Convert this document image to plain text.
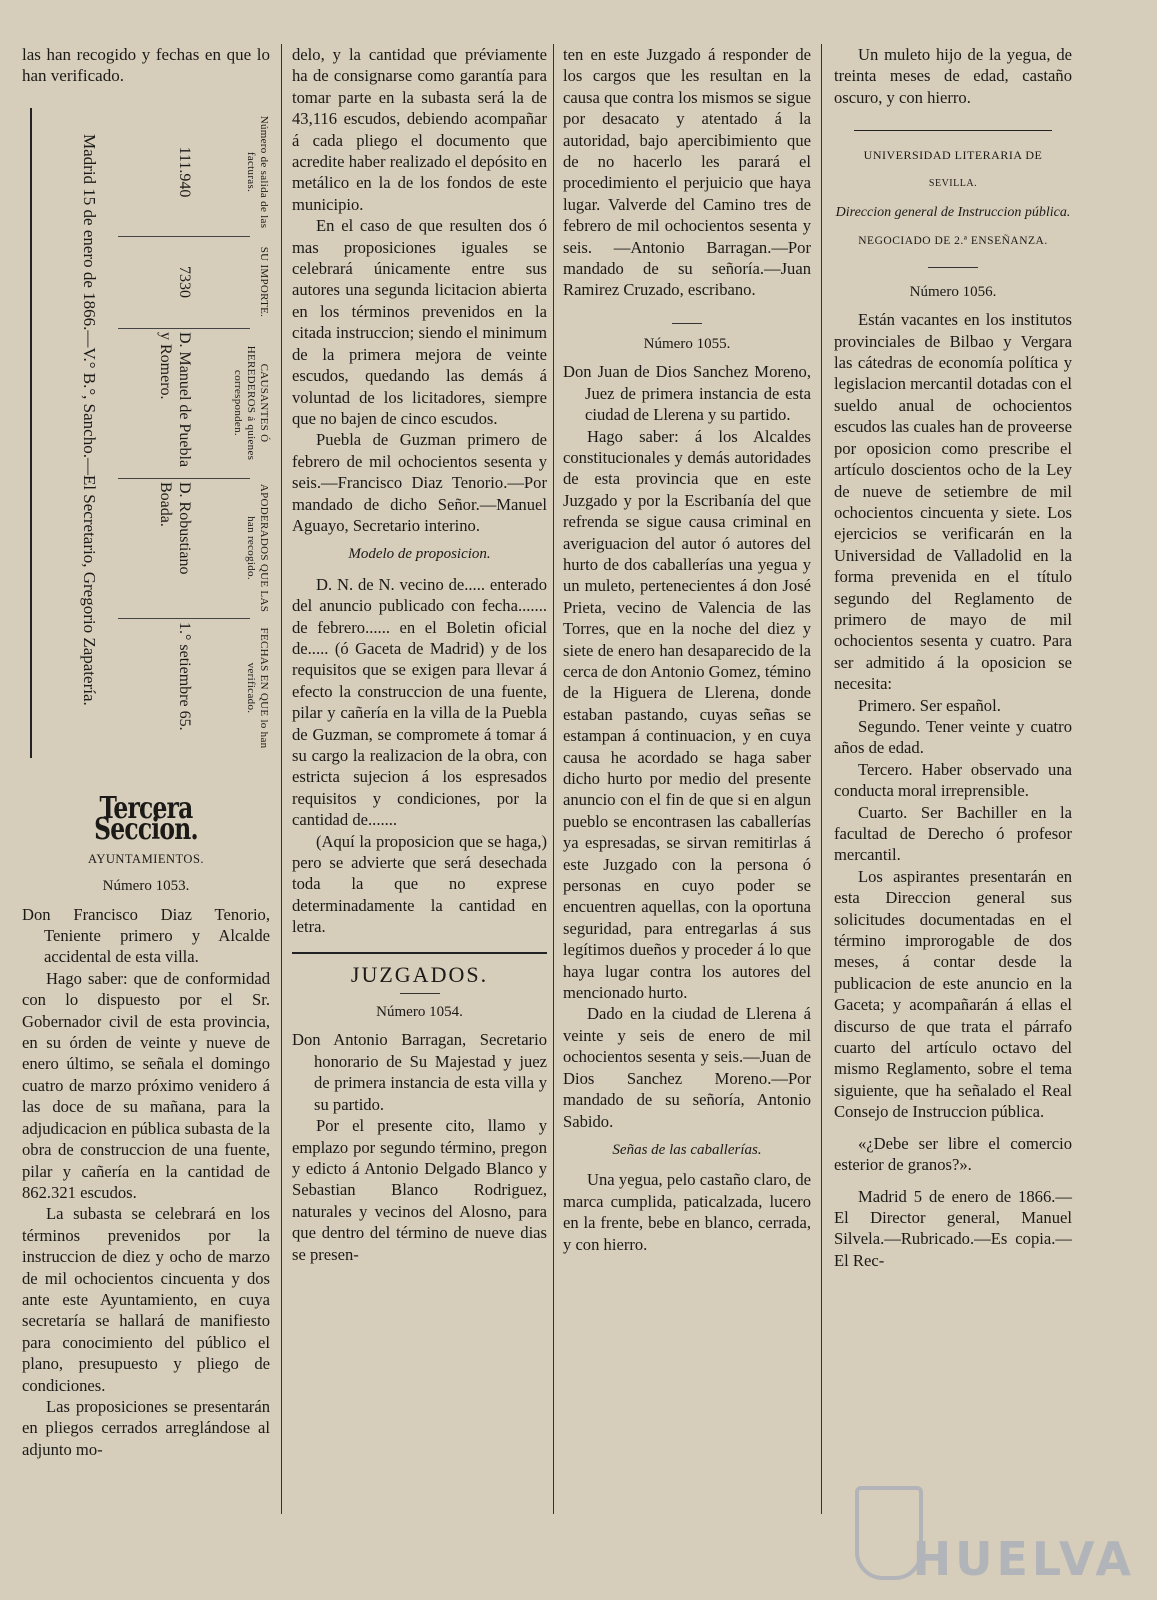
las han recogido y fechas en que lo han verificado.

Número de salida de las facturas.
SU IMPORTE.
CAUSANTES Ó HEREDEROS á quienes corresponden.
APODERADOS QUE LAS han recogido.
FECHAS EN QUE lo han verificado.
111.940
7330
D. Manuel de Puebla y Romero.
D. Robustiano Boada.
1.° setiembre 65.
Madrid 15 de enero de 1866.—V.° B.°, Sancho.—El Secretario, Gregorio Zapatería.
Tercera Seccion.

AYUNTAMIENTOS.

Número 1053.

Don Francisco Diaz Tenorio, Teniente primero y Alcalde accidental de esta villa.

Hago saber: que de conformidad con lo dispuesto por el Sr. Gobernador civil de esta provincia, en su órden de veinte y nueve de enero último, se señala el domingo cuatro de marzo próximo venidero á las doce de su mañana, para la adjudicacion en pública subasta de la obra de construccion de una fuente, pilar y cañería en la cantidad de 862.321 escudos.

La subasta se celebrará en los términos prevenidos por la instruccion de diez y ocho de marzo de mil ochocientos cincuenta y dos ante este Ayuntamiento, en cuya secretaría se hallará de manifiesto para conocimiento del público el plano, presupuesto y pliego de condiciones.

Las proposiciones se presentarán en pliegos cerrados arreglándose al adjunto mo-

delo, y la cantidad que préviamente ha de consignarse como garantía para tomar parte en la subasta será la de 43,116 escudos, debiendo acompañar á cada pliego el documento que acredite haber realizado el depósito en metálico en la de los fondos de este municipio.

En el caso de que resulten dos ó mas proposiciones iguales se celebrará únicamente entre sus autores una segunda licitacion abierta en los términos prevenidos en la citada instruccion; siendo el minimum de la primera mejora de veinte escudos, quedando las demás á voluntad de los licitadores, siempre que no bajen de cinco escudos.

Puebla de Guzman primero de febrero de mil ochocientos sesenta y seis.—Francisco Diaz Tenorio.—Por mandado de dicho Señor.—Manuel Aguayo, Secretario interino.

Modelo de proposicion.

D. N. de N. vecino de..... enterado del anuncio publicado con fecha....... de febrero...... en el Boletin oficial de..... (ó Gaceta de Madrid) y de los requisitos que se exigen para llevar á efecto la construccion de una fuente, pilar y cañería en la villa de la Puebla de Guzman, se compromete á tomar á su cargo la realizacion de la obra, con estricta sujecion á los espresados requisitos y condiciones, por la cantidad de.......

(Aquí la proposicion que se haga,) pero se advierte que será desechada toda la que no exprese determinadamente la cantidad en letra.

JUZGADOS.

Número 1054.

Don Antonio Barragan, Secretario honorario de Su Majestad y juez de primera instancia de esta villa y su partido.

Por el presente cito, llamo y emplazo por segundo término, pregon y edicto á Antonio Delgado Blanco y Sebastian Blanco Rodriguez, naturales y vecinos del Alosno, para que dentro del término de nueve dias se presen-

ten en este Juzgado á responder de los cargos que les resultan en la causa que contra los mismos se sigue por desacato y atentado á la autoridad, bajo apercibimiento que de no hacerlo les parará el procedimiento el perjuicio que haya lugar. Valverde del Camino tres de febrero de mil ochocientos sesenta y seis. —Antonio Barragan.—Por mandado de su señoría.—Juan Ramirez Cruzado, escribano.

Número 1055.

Don Juan de Dios Sanchez Moreno, Juez de primera instancia de esta ciudad de Llerena y su partido.

Hago saber: á los Alcaldes constitucionales y demás autoridades de esta provincia que en este Juzgado y por la Escribanía del que refrenda se sigue causa criminal en averiguacion del autor ó autores del hurto de dos caballerías una yegua y un muleto, pertenecientes á don José Prieta, vecino de Valencia de las Torres, que en la noche del diez y siete de enero han desaparecido de la cerca de don Antonio Gomez, témino de la Higuera de Llerena, donde estaban pastando, cuyas señas se estampan á continuacion, y en cuya causa he acordado se haga saber dicho hurto por medio del presente anuncio con el fin de que si en algun pueblo se encontrasen las caballerías ya espresadas, se sirvan remitirlas á este Juzgado con la persona ó personas en cuyo poder se encuentren aquellas, con la oportuna seguridad, para entregarlas á sus legítimos dueños y proceder á lo que haya lugar contra los autores del mencionado hurto.

Dado en la ciudad de Llerena á veinte y seis de enero de mil ochocientos sesenta y seis.—Juan de Dios Sanchez Moreno.—Por mandado de su señoría, Antonio Sabido.

Señas de las caballerías.

Una yegua, pelo castaño claro, de marca cumplida, paticalzada, lucero en la frente, bebe en blanco, cerrada, y con hierro.

Un muleto hijo de la yegua, de treinta meses de edad, castaño oscuro, y con hierro.

UNIVERSIDAD LITERARIA DE

SEVILLA.

Direccion general de Instruccion pública.

NEGOCIADO DE 2.ª ENSEÑANZA.

Número 1056.

Están vacantes en los institutos provinciales de Bilbao y Vergara las cátedras de economía política y legislacion mercantil dotadas con el sueldo anual de ochocientos escudos las cuales han de proveerse por oposicion como prescribe el artículo doscientos ocho de la Ley de nueve de setiembre de mil ochocientos cincuenta y siete. Los ejercicios se verificarán en la Universidad de Valladolid en la forma prevenida en el título segundo del Reglamento de primero de mayo de mil ochocientos sesenta y cuatro. Para ser admitido á la oposicion se necesita:

Primero. Ser español.

Segundo. Tener veinte y cuatro años de edad.

Tercero. Haber observado una conducta moral irreprensible.

Cuarto. Ser Bachiller en la facultad de Derecho ó profesor mercantil.

Los aspirantes presentarán en esta Direccion general sus solicitudes documentadas en el término improrogable de dos meses, á contar desde la publicacion de este anuncio en la Gaceta; y acompañarán á ellas el discurso de que trata el párrafo cuarto del artículo octavo del mismo Reglamento, sobre el tema siguiente, que ha señalado el Real Consejo de Instruccion pública.

«¿Debe ser libre el comercio esterior de granos?».

Madrid 5 de enero de 1866.—El Director general, Manuel Silvela.—Rubricado.—Es copia.—El Rec-

HUELVA
